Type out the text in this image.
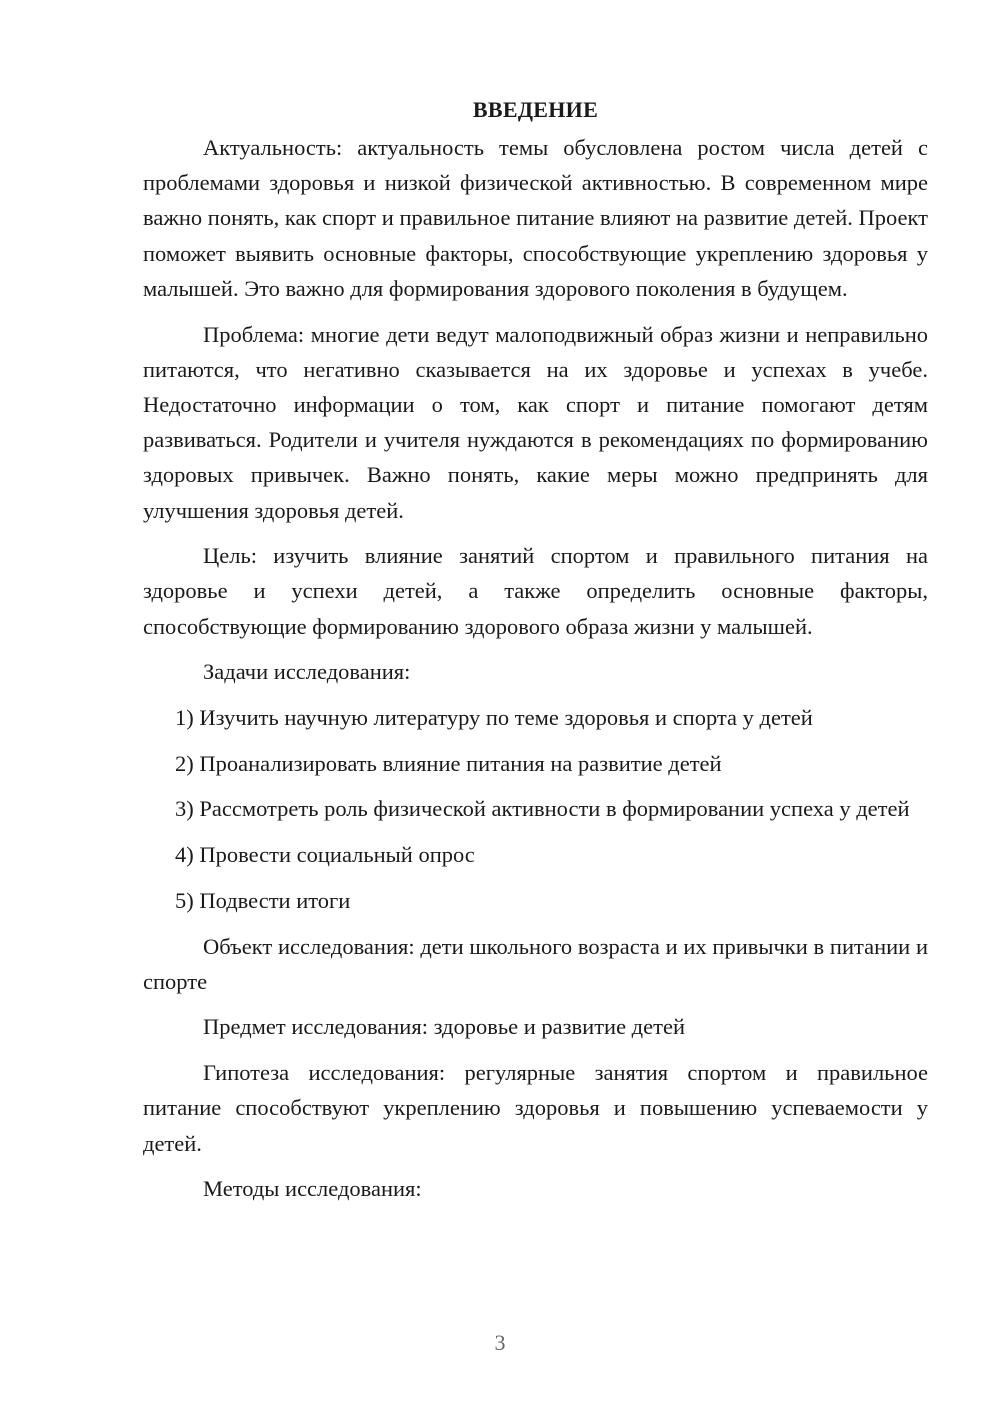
ВВЕДЕНИЕ

Актуальность: актуальность темы обусловлена ростом числа детей с проблемами здоровья и низкой физической активностью. В современном мире важно понять, как спорт и правильное питание влияют на развитие детей. Проект поможет выявить основные факторы, способствующие укреплению здоровья у малышей. Это важно для формирования здорового поколения в будущем.

Проблема: многие дети ведут малоподвижный образ жизни и неправильно питаются, что негативно сказывается на их здоровье и успехах в учебе. Недостаточно информации о том, как спорт и питание помогают детям развиваться. Родители и учителя нуждаются в рекомендациях по формированию здоровых привычек. Важно понять, какие меры можно предпринять для улучшения здоровья детей.

Цель: изучить влияние занятий спортом и правильного питания на здоровье и успехи детей, а также определить основные факторы, способствующие формированию здорового образа жизни у малышей.

Задачи исследования:

1) Изучить научную литературу по теме здоровья и спорта у детей

2) Проанализировать влияние питания на развитие детей

3) Рассмотреть роль физической активности в формировании успеха у детей

4) Провести социальный опрос

5) Подвести итоги

Объект исследования: дети школьного возраста и их привычки в питании и спорте

Предмет исследования: здоровье и развитие детей

Гипотеза исследования: регулярные занятия спортом и правильное питание способствуют укреплению здоровья и повышению успеваемости у детей.

Методы исследования:

3
